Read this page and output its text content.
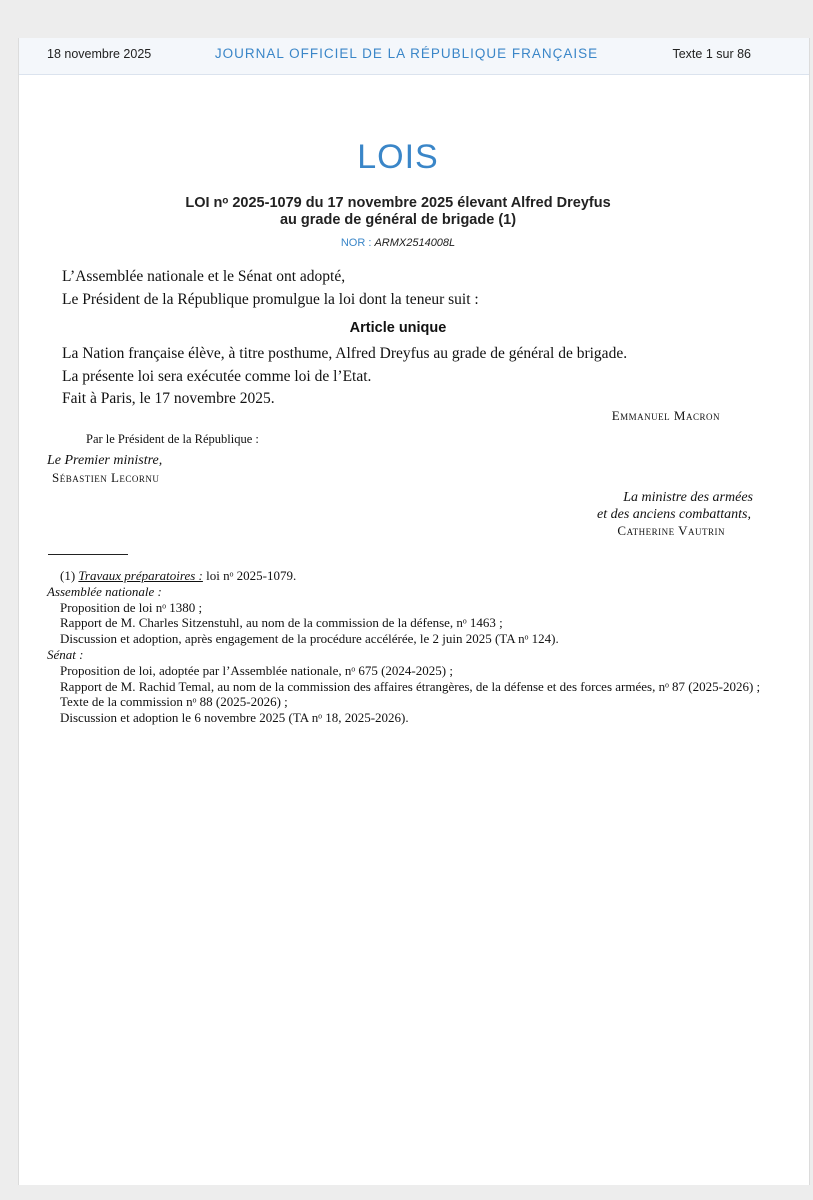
18 novembre 2025	JOURNAL OFFICIEL DE LA RÉPUBLIQUE FRANÇAISE	Texte 1 sur 86
LOIS
LOI nᵒ 2025-1079 du 17 novembre 2025 élevant Alfred Dreyfus
au grade de général de brigade (1)
NOR : ARMX2514008L
L’Assemblée nationale et le Sénat ont adopté,
Le Président de la République promulgue la loi dont la teneur suit :
Article unique
La Nation française élève, à titre posthume, Alfred Dreyfus au grade de général de brigade.
La présente loi sera exécutée comme loi de l’Etat.
Fait à Paris, le 17 novembre 2025.
Emmanuel Macron
Par le Président de la République :
Le Premier ministre,
Sébastien Lecornu
La ministre des armées
et des anciens combattants,
Catherine Vautrin
(1) Travaux préparatoires : loi nᵒ 2025-1079.
Assemblée nationale :
Proposition de loi nᵒ 1380 ;
Rapport de M. Charles Sitzenstuhl, au nom de la commission de la défense, nᵒ 1463 ;
Discussion et adoption, après engagement de la procédure accélérée, le 2 juin 2025 (TA nᵒ 124).
Sénat :
Proposition de loi, adoptée par l’Assemblée nationale, nᵒ 675 (2024-2025) ;
Rapport de M. Rachid Temal, au nom de la commission des affaires étrangères, de la défense et des forces armées, nᵒ 87 (2025-2026) ;
Texte de la commission nᵒ 88 (2025-2026) ;
Discussion et adoption le 6 novembre 2025 (TA nᵒ 18, 2025-2026).
